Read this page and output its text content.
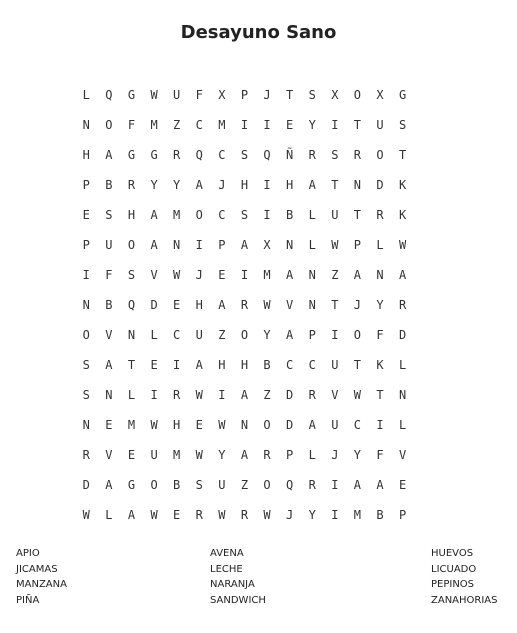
Desayuno Sano
L	Q	G	W	U	F	X	P	J	T	S	X	O	X	G
N	O	F	M	Z	C	M	I	I	E	Y	I	T	U	S
H	A	G	G	R	Q	C	S	Q	Ñ	R	S	R	O	T
P	B	R	Y	Y	A	J	H	I	H	A	T	N	D	K
E	S	H	A	M	O	C	S	I	B	L	U	T	R	K
P	U	O	A	N	I	P	A	X	N	L	W	P	L	W
I	F	S	V	W	J	E	I	M	A	N	Z	A	N	A
N	B	Q	D	E	H	A	R	W	V	N	T	J	Y	R
O	V	N	L	C	U	Z	O	Y	A	P	I	O	F	D
S	A	T	E	I	A	H	H	B	C	C	U	T	K	L
S	N	L	I	R	W	I	A	Z	D	R	V	W	T	N
N	E	M	W	H	E	W	N	O	D	A	U	C	I	L
R	V	E	U	M	W	Y	A	R	P	L	J	Y	F	V
D	A	G	O	B	S	U	Z	O	Q	R	I	A	A	E
W	L	A	W	E	R	W	R	W	J	Y	I	M	B	P
APIO
JICAMAS
MANZANA
PIÑA
AVENA
LECHE
NARANJA
SANDWICH
HUEVOS
LICUADO
PEPINOS
ZANAHORIAS
